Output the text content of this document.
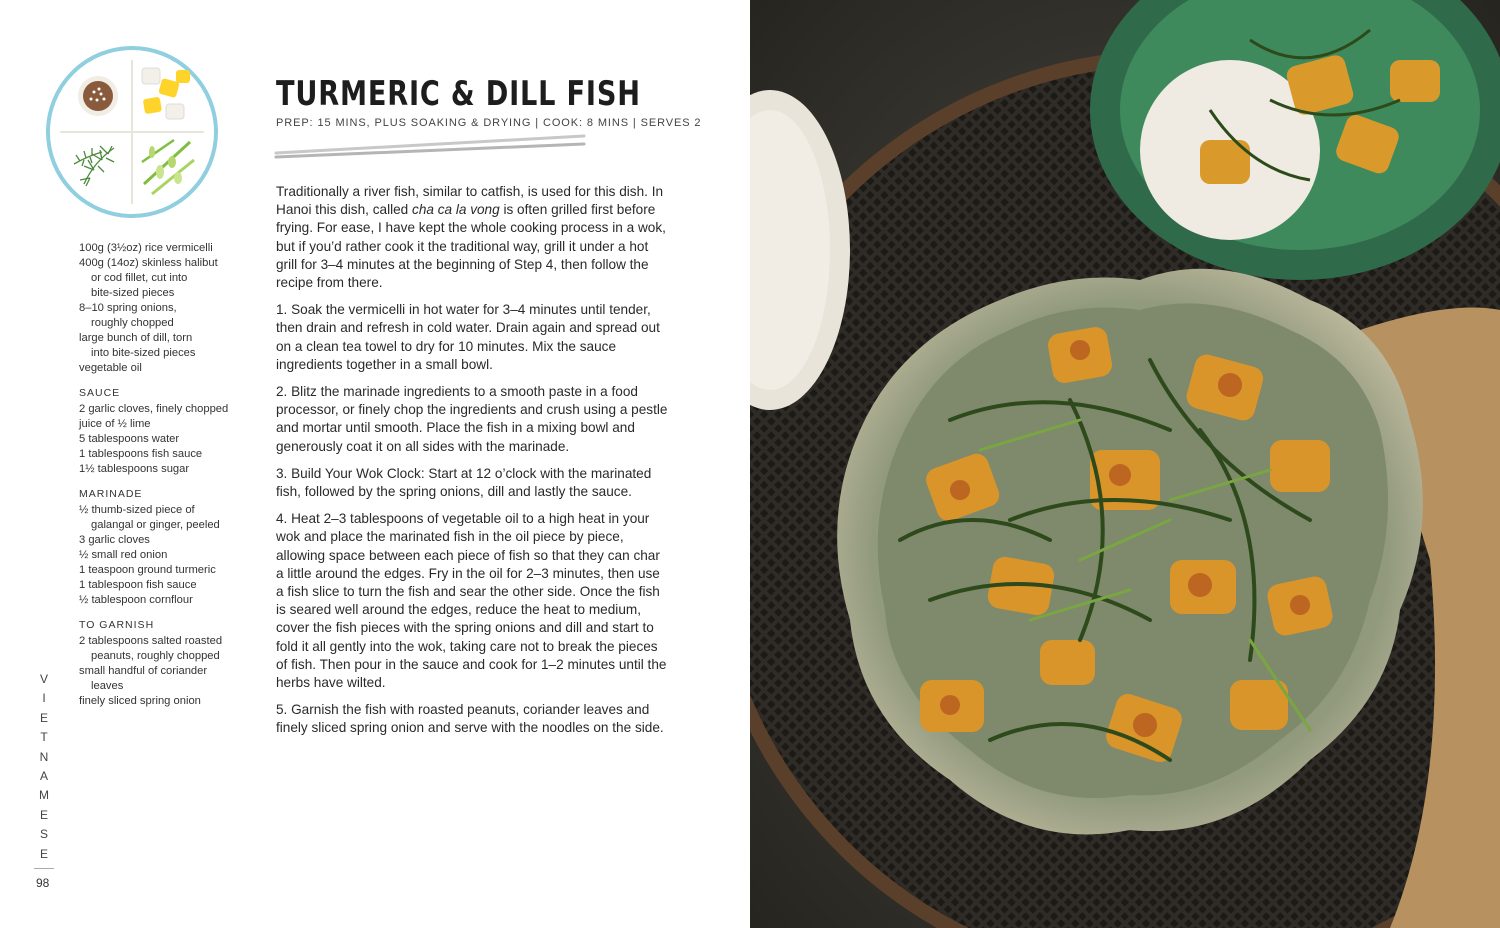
100g (3½oz) rice vermicelli
400g (14oz) skinless halibut
or cod fillet, cut into
bite-sized pieces
8–10 spring onions,
roughly chopped
large bunch of dill, torn
into bite-sized pieces
vegetable oil
SAUCE
2 garlic cloves, finely chopped
juice of ½ lime
5 tablespoons water
1 tablespoons fish sauce
1½ tablespoons sugar
MARINADE
½ thumb-sized piece of
galangal or ginger, peeled
3 garlic cloves
½ small red onion
1 teaspoon ground turmeric
1 tablespoon fish sauce
½ tablespoon cornflour
TO GARNISH
2 tablespoons salted roasted
peanuts, roughly chopped
small handful of coriander
leaves
finely sliced spring onion
V
I
E
T
N
A
M
E
S
E
98
TURMERIC & DILL FISH
PREP: 15 MINS, PLUS SOAKING & DRYING | COOK: 8 MINS | SERVES 2

Traditionally a river fish, similar to catfish, is used for this dish. In Hanoi this dish, called cha ca la vong is often grilled first before frying. For ease, I have kept the whole cooking process in a wok, but if you’d rather cook it the traditional way, grill it under a hot grill for 3–4 minutes at the beginning of Step 4, then follow the recipe from there.

1. Soak the vermicelli in hot water for 3–4 minutes until tender, then drain and refresh in cold water. Drain again and spread out on a clean tea towel to dry for 10 minutes. Mix the sauce ingredients together in a small bowl.

2. Blitz the marinade ingredients to a smooth paste in a food processor, or finely chop the ingredients and crush using a pestle and mortar until smooth. Place the fish in a mixing bowl and generously coat it on all sides with the marinade.

3. Build Your Wok Clock: Start at 12 o’clock with the marinated fish, followed by the spring onions, dill and lastly the sauce.

4. Heat 2–3 tablespoons of vegetable oil to a high heat in your wok and place the marinated fish in the oil piece by piece, allowing space between each piece of fish so that they can char a little around the edges. Fry in the oil for 2–3 minutes, then use a fish slice to turn the fish and sear the other side. Once the fish is seared well around the edges, reduce the heat to medium, cover the fish pieces with the spring onions and dill and start to fold it all gently into the wok, taking care not to break the pieces of fish. Then pour in the sauce and cook for 1–2 minutes until the herbs have wilted.

5. Garnish the fish with roasted peanuts, coriander leaves and finely sliced spring onion and serve with the noodles on the side.
